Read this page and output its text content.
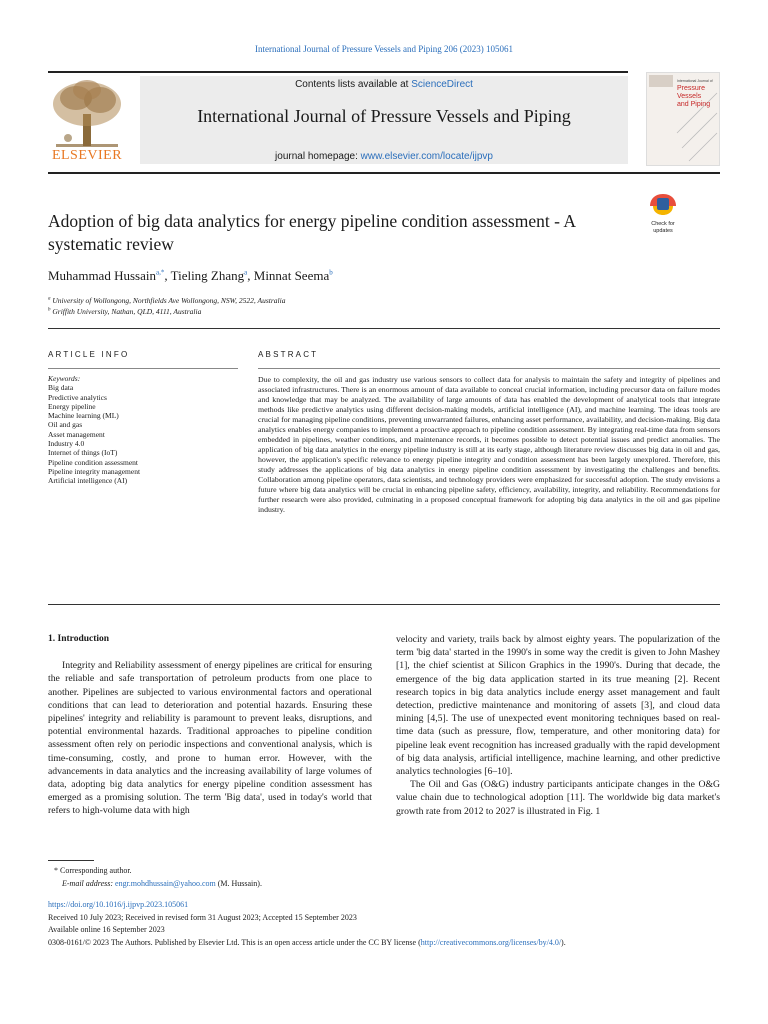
International Journal of Pressure Vessels and Piping 206 (2023) 105061
ELSEVIER
Contents lists available at ScienceDirect
International Journal of Pressure Vessels and Piping
journal homepage: www.elsevier.com/locate/ijpvp
International Journal of
Pressure Vessels
and Piping
Adoption of big data analytics for energy pipeline condition assessment - A systematic review
Check for
updates
Muhammad Hussain$^{a,*}$, Tieling Zhang$^a$, Minnat Seema$^b$
$^a$ University of Wollongong, Northfields Ave Wollongong, NSW, 2522, Australia
$^b$ Griffith University, Nathan, QLD, 4111, Australia
ARTICLE INFO	ABSTRACT
Keywords:
Big data
Predictive analytics
Energy pipeline
Machine learning (ML)
Oil and gas
Asset management
Industry 4.0
Internet of things (IoT)
Pipeline condition assessment
Pipeline integrity management
Artificial intelligence (AI)
Due to complexity, the oil and gas industry use various sensors to collect data for analysis to maintain the safety and integrity of pipelines and associated infrastructures. There is an enormous amount of data available to conceal crucial information, including precursor data on failure modes and knowledge that may be analyzed. The availability of large amounts of data has enabled the development of analytical tools that integrate methods like predictive analytics using different decision-making models, artificial intelligence (AI), and machine learning. The ideas tools are crucial for managing pipeline conditions, preventing unwarranted failures, enhancing asset performance, availability, and decision-making. Big data analytics enables energy companies to implement a proactive approach to pipeline condition assessment. By integrating real-time data from sensors embedded in pipelines, weather conditions, and maintenance records, it becomes possible to detect potential issues and predict anomalies. The application of big data analytics in the energy pipeline industry is still at its early stage, although literature review discusses big data in oil and gas, however, the application's specific relevance to energy pipeline integrity and condition assessment has been largely unexplored. Therefore, this study addresses the applications of big data analytics in energy pipeline condition assessment by investigating the challenges and benefits. Collaboration among pipeline operators, data scientists, and technology providers were emphasized for successful adoption. The study envisions a future where big data analytics will be crucial in enhancing pipeline safety, efficiency, availability, integrity, and reliability. Recommendations for further research were also provided, culminating in a proposed conceptual framework for adopting big data analytics in the oil and gas pipeline industry.

1. Introduction

Integrity and Reliability assessment of energy pipelines are critical for ensuring the reliable and safe transportation of petroleum products from one place to another. Pipelines are subjected to various environmental factors and operational conditions that can lead to deterioration and potential hazards. Ensuring these pipelines' integrity and reliability is paramount to prevent leaks, disruptions, and potential environmental hazards. Traditional approaches to pipeline condition assessment often rely on periodic inspections and conventional analysis, which is time-consuming, costly, and prone to human error. However, with the advancements in data analytics and the increasing availability of large volumes of data, adopting big data analytics for energy pipeline condition assessment has emerged as a promising solution. The term 'Big data', used in today's world that refers to high-volume data with high

velocity and variety, trails back by almost eighty years. The popularization of the term 'big data' started in the 1990's in some way the credit is given to John Mashey [1], the chief scientist at Silicon Graphics in the 1990's. During that decade, the emergence of the big data application started in its true meaning [2]. Recent research topics in big data analytics include energy asset management and fault detection, predictive maintenance and monitoring of assets [3], and cloud data mining [4,5]. The use of unexpected event monitoring techniques based on real-time data (such as pressure, flow, temperature, and other monitoring data) for pipeline leak event recognition has increased gradually with the rapid development of big data analysis, artificial intelligence, machine learning, and other predictive analytics technologies [6–10].

The Oil and Gas (O&G) industry participants anticipate changes in the O&G value chain due to technological adoption [11]. The worldwide big data market's growth rate from 2012 to 2027 is illustrated in Fig. 1

* Corresponding author.
E-mail address: engr.mohdhussain@yahoo.com (M. Hussain).
https://doi.org/10.1016/j.ijpvp.2023.105061
Received 10 July 2023; Received in revised form 31 August 2023; Accepted 15 September 2023
Available online 16 September 2023
0308-0161/© 2023 The Authors. Published by Elsevier Ltd. This is an open access article under the CC BY license (http://creativecommons.org/licenses/by/4.0/).
